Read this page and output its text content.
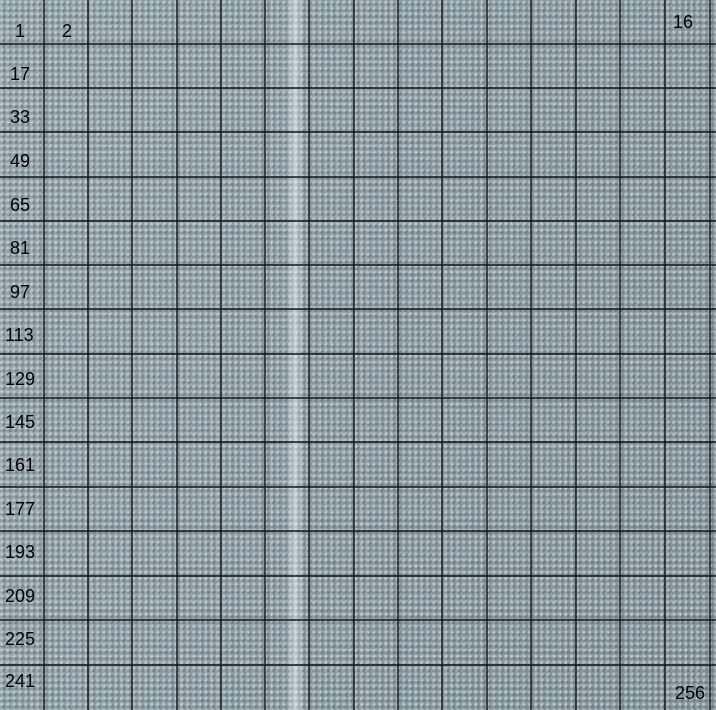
1 2	16
256
17
33
49
65
81
97
113
129
145
161
177
193
209
225
241
